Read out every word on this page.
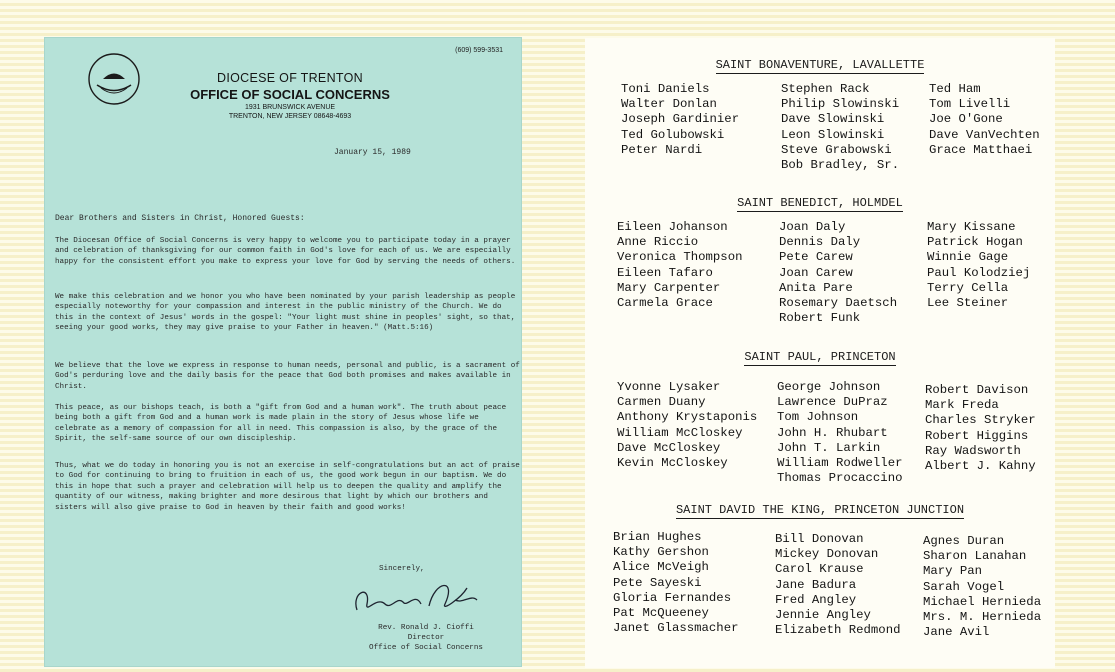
(609) 599-3531
DIOCESE OF TRENTON
OFFICE OF SOCIAL CONCERNS
1931 BRUNSWICK AVENUE
TRENTON, NEW JERSEY 08648-4693
January 15, 1989
Dear Brothers and Sisters in Christ, Honored Guests:

The Diocesan Office of Social Concerns is very happy to welcome you to participate today in a prayer and celebration of thanksgiving for our common faith in God's love for each of us. We are especially happy for the consistent effort you make to express your love for God by serving the needs of others.

We make this celebration and we honor you who have been nominated by your parish leadership as people especially noteworthy for your compassion and interest in the public ministry of the Church. We do this in the context of Jesus' words in the gospel: "Your light must shine in peoples' sight, so that, seeing your good works, they may give praise to your Father in heaven." (Matt.5:16)

We believe that the love we express in response to human needs, personal and public, is a sacrament of God's perduring love and the daily basis for the peace that God both promises and makes available in Christ.

This peace, as our bishops teach, is both a "gift from God and a human work". The truth about peace being both a gift from God and a human work is made plain in the story of Jesus whose life we celebrate as a memory of compassion for all in need. This compassion is also, by the grace of the Spirit, the self-same source of our own discipleship.

Thus, what we do today in honoring you is not an exercise in self-congratulations but an act of praise to God for continuing to bring to fruition in each of us, the good work begun in our baptism. We do this in hope that such a prayer and celebration will help us to deepen the quality and amplify the quantity of our witness, making brighter and more desirous that light by which our brothers and sisters will also give praise to God in heaven by their faith and good works!

Sincerely,
Rev. Ronald J. Cioffi
Director
Office of Social Concerns
SAINT BONAVENTURE, LAVALLETTE
Toni Daniels
Walter Donlan
Joseph Gardinier
Ted Golubowski
Peter Nardi
Stephen Rack
Philip Slowinski
Dave Slowinski
Leon Slowinski
Steve Grabowski
Bob Bradley, Sr.
Ted Ham
Tom Livelli
Joe O'Gone
Dave VanVechten
Grace Matthaei
SAINT BENEDICT, HOLMDEL
Eileen Johanson
Anne Riccio
Veronica Thompson
Eileen Tafaro
Mary Carpenter
Carmela Grace
Joan Daly
Dennis Daly
Pete Carew
Joan Carew
Anita Pare
Rosemary Daetsch
Robert Funk
Mary Kissane
Patrick Hogan
Winnie Gage
Paul Kolodziej
Terry Cella
Lee Steiner
SAINT PAUL, PRINCETON
Yvonne Lysaker
Carmen Duany
Anthony Krystaponis
William McCloskey
Dave McCloskey
Kevin McCloskey
George Johnson
Lawrence DuPraz
Tom Johnson
John H. Rhubart
John T. Larkin
William Rodweller
Thomas Procaccino
Robert Davison
Mark Freda
Charles Stryker
Robert Higgins
Ray Wadsworth
Albert J. Kahny
SAINT DAVID THE KING, PRINCETON JUNCTION
Brian Hughes
Kathy Gershon
Alice McVeigh
Pete Sayeski
Gloria Fernandes
Pat McQueeney
Janet Glassmacher
Bill Donovan
Mickey Donovan
Carol Krause
Jane Badura
Fred Angley
Jennie Angley
Elizabeth Redmond
Agnes Duran
Sharon Lanahan
Mary Pan
Sarah Vogel
Michael Hernieda
Mrs. M. Hernieda
Jane Avil
